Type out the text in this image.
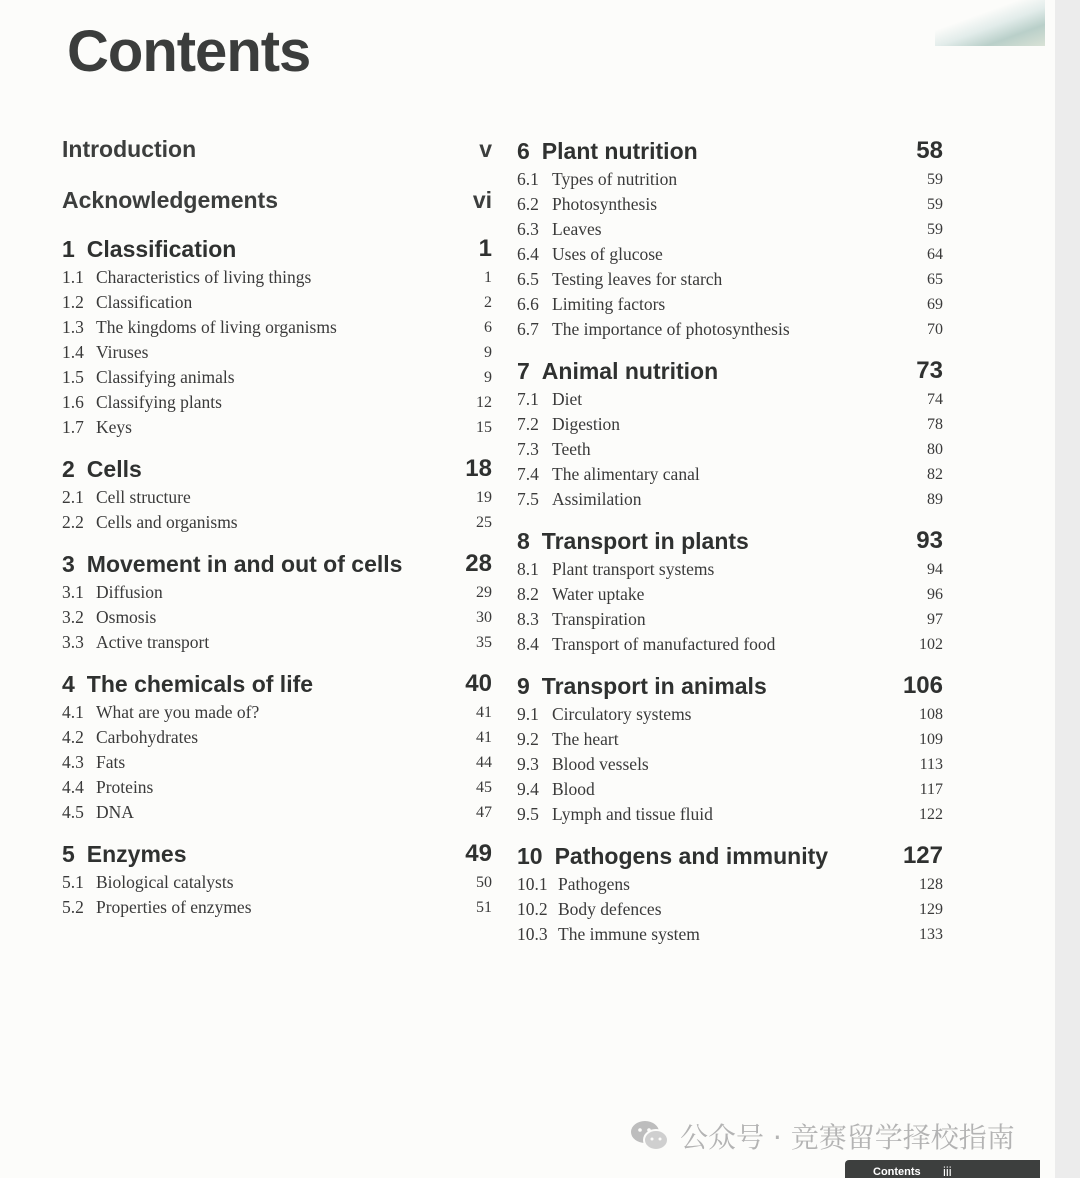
Contents
Introduction	v
Acknowledgements	vi
1 Classification	1
1.1 Characteristics of living things	1
1.2 Classification	2
1.3 The kingdoms of living organisms	6
1.4 Viruses	9
1.5 Classifying animals	9
1.6 Classifying plants	12
1.7 Keys	15
2 Cells	18
2.1 Cell structure	19
2.2 Cells and organisms	25
3 Movement in and out of cells	28
3.1 Diffusion	29
3.2 Osmosis	30
3.3 Active transport	35
4 The chemicals of life	40
4.1 What are you made of?	41
4.2 Carbohydrates	41
4.3 Fats	44
4.4 Proteins	45
4.5 DNA	47
5 Enzymes	49
5.1 Biological catalysts	50
5.2 Properties of enzymes	51
6 Plant nutrition	58
6.1 Types of nutrition	59
6.2 Photosynthesis	59
6.3 Leaves	59
6.4 Uses of glucose	64
6.5 Testing leaves for starch	65
6.6 Limiting factors	69
6.7 The importance of photosynthesis	70
7 Animal nutrition	73
7.1 Diet	74
7.2 Digestion	78
7.3 Teeth	80
7.4 The alimentary canal	82
7.5 Assimilation	89
8 Transport in plants	93
8.1 Plant transport systems	94
8.2 Water uptake	96
8.3 Transpiration	97
8.4 Transport of manufactured food	102
9 Transport in animals	106
9.1 Circulatory systems	108
9.2 The heart	109
9.3 Blood vessels	113
9.4 Blood	117
9.5 Lymph and tissue fluid	122
10 Pathogens and immunity	127
10.1 Pathogens	128
10.2 Body defences	129
10.3 The immune system	133
公众号 · 竞赛留学择校指南
Contents iii
